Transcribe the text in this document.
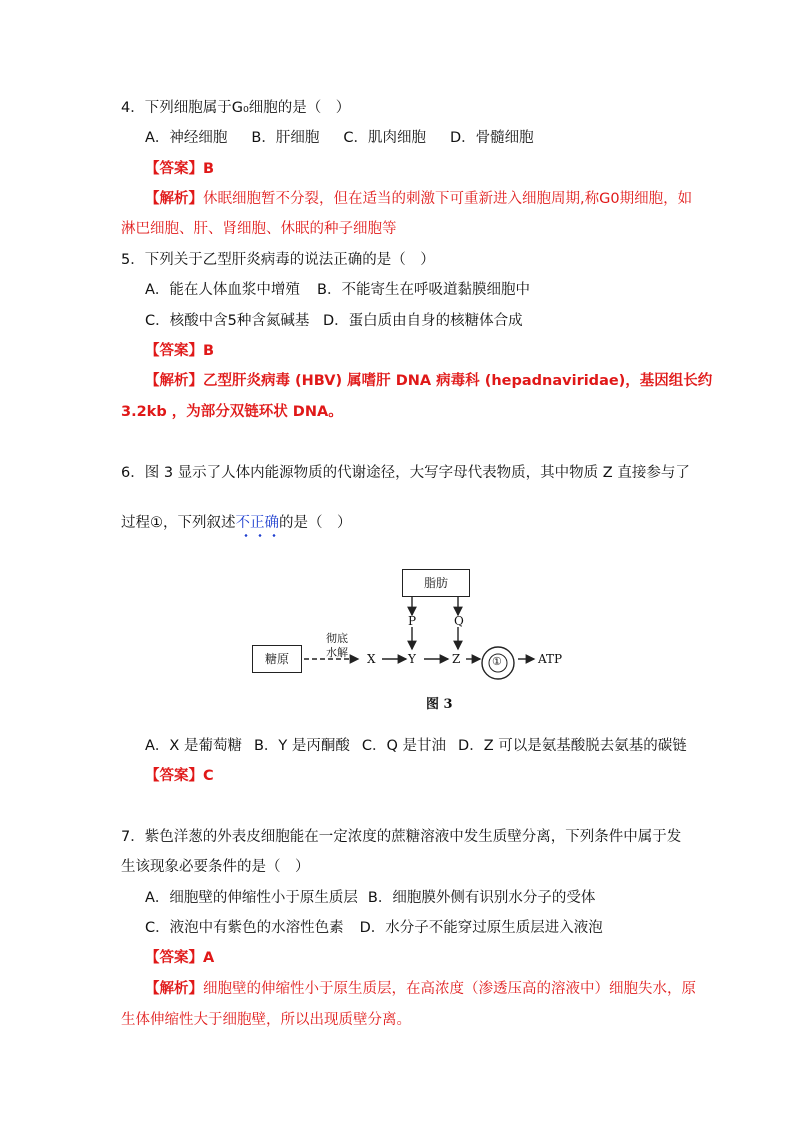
4．下列细胞属于G₀细胞的是（　）
A．神经细胞 B．肝细胞 C．肌肉细胞 D．骨髓细胞
【答案】B
【解析】休眠细胞暂不分裂，但在适当的刺激下可重新进入细胞周期,称G0期细胞，如
淋巴细胞、肝、肾细胞、休眠的种子细胞等
5．下列关于乙型肝炎病毒的说法正确的是（　）
A．能在人体血浆中增殖 B．不能寄生在呼吸道黏膜细胞中
C．核酸中含5种含氮碱基 D．蛋白质由自身的核糖体合成
【答案】B
【解析】乙型肝炎病毒 (HBV) 属嗜肝 DNA 病毒科 (hepadnaviridae)，基因组长约
3.2kb ，为部分双链环状 DNA。
6．图 3 显示了人体内能源物质的代谢途径，大写字母代表物质，其中物质 Z 直接参与了
过程①，下列叙述不正确的是（　）
糖原
脂肪
彻底
水解 X	Y	Z
P	Q
①	ATP
图 3
A．X 是葡萄糖 B．Y 是丙酮酸 C．Q 是甘油 D．Z 可以是氨基酸脱去氨基的碳链
【答案】C
7．紫色洋葱的外表皮细胞能在一定浓度的蔗糖溶液中发生质壁分离，下列条件中属于发
生该现象必要条件的是（　）
A．细胞壁的伸缩性小于原生质层 B．细胞膜外侧有识别水分子的受体
C．液泡中有紫色的水溶性色素 D．水分子不能穿过原生质层进入液泡
【答案】A
【解析】细胞壁的伸缩性小于原生质层，在高浓度（渗透压高的溶液中）细胞失水，原
生体伸缩性大于细胞壁，所以出现质壁分离。
